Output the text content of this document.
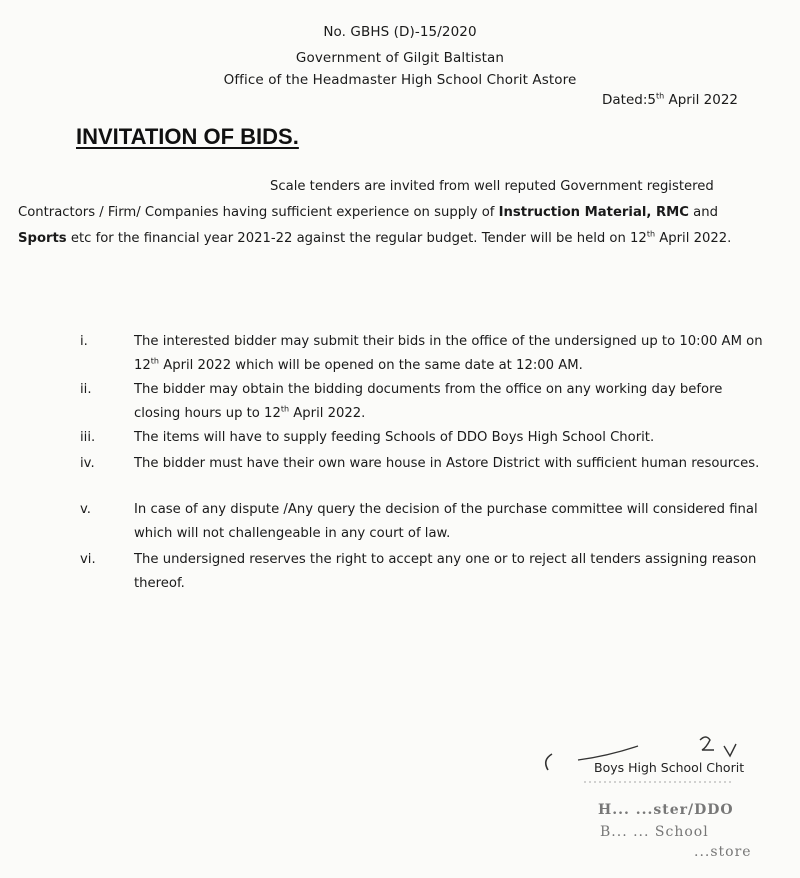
No. GBHS (D)-15/2020
Government of Gilgit Baltistan
Office of the Headmaster High School Chorit Astore
Dated:5th April 2022
INVITATION OF BIDS.
Scale tenders are invited from well reputed Government registered Contractors / Firm/ Companies having sufficient experience on supply of Instruction Material, RMC and Sports etc for the financial year 2021-22 against the regular budget. Tender will be held on 12th April 2022.
i.	The interested bidder may submit their bids in the office of the undersigned up to 10:00 AM on 12th April 2022 which will be opened on the same date at 12:00 AM.
ii.	The bidder may obtain the bidding documents from the office on any working day before closing hours up to 12th April 2022.
iii.	The items will have to supply feeding Schools of DDO Boys High School Chorit.
iv.	The bidder must have their own ware house in Astore District with sufficient human resources.
v.	In case of any dispute /Any query the decision of the purchase committee will considered final which will not challengeable in any court of law.
vi.	The undersigned reserves the right to accept any one or to reject all tenders assigning reason thereof.
Boys High School Chorit
H... ...ster/DDO
B... ... School
...store
